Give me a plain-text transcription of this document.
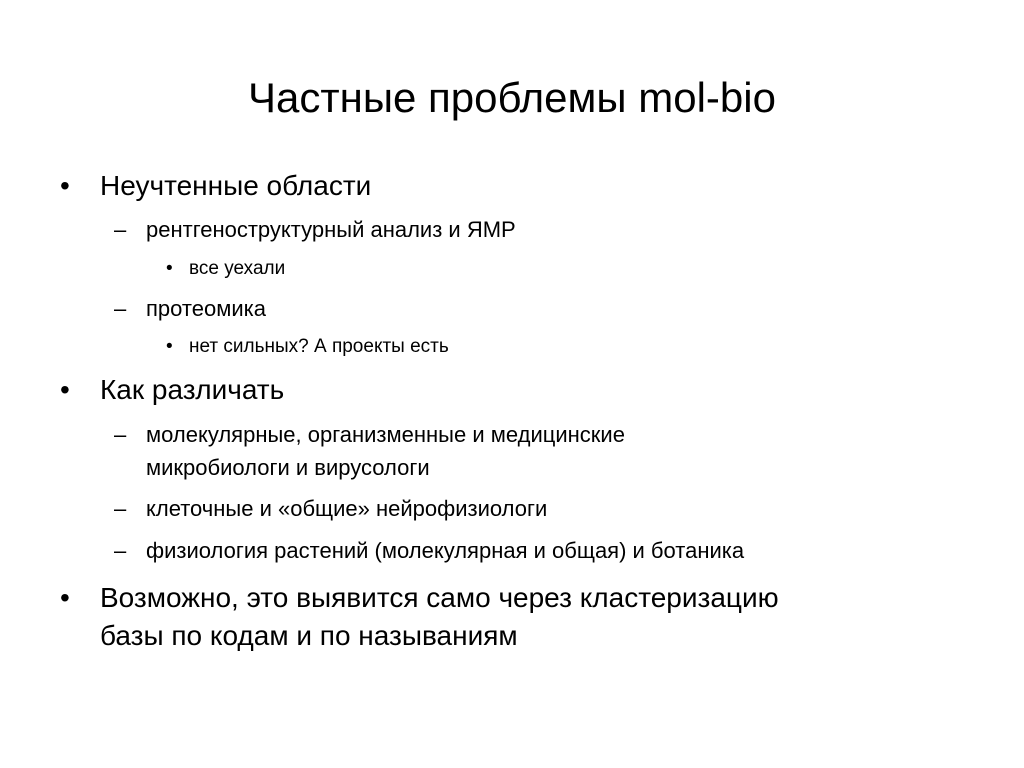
Частные проблемы mol-bio
• Неучтенные области
– рентгеноструктурный анализ и ЯМР
• все уехали
– протеомика
• нет сильных? А проекты есть
• Как различать
– молекулярные, организменные и медицинские
микробиологи и вирусологи
– клеточные и «общие» нейрофизиологи
– физиология растений (молекулярная и общая) и ботаника
• Возможно, это выявится само через кластеризацию
базы по кодам и по называниям
